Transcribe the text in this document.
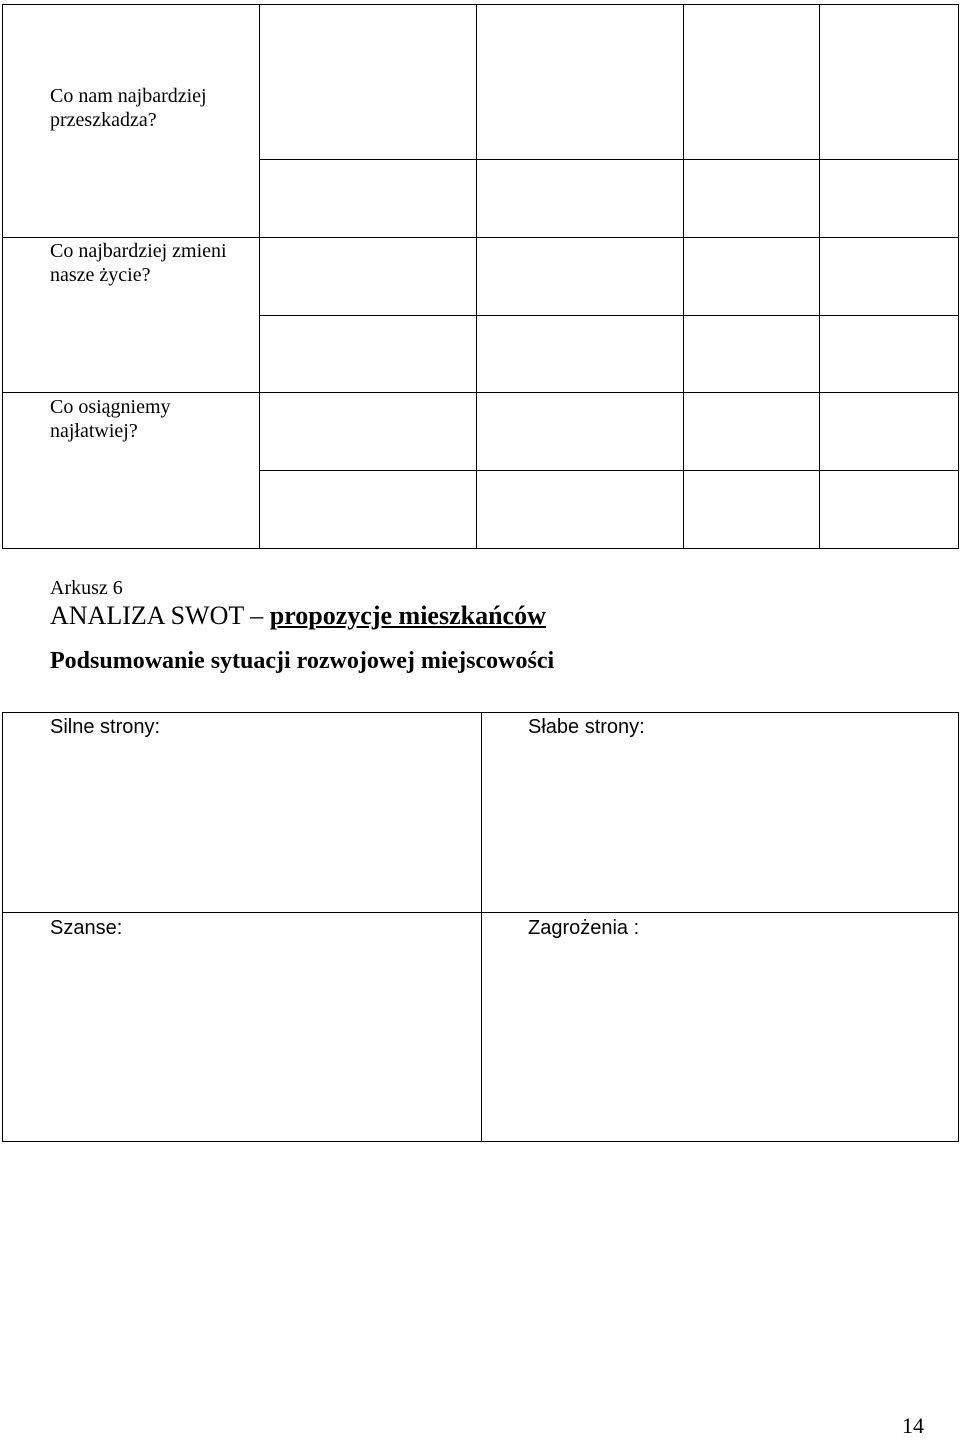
Co nam najbardziej przeszkadza?
Co najbardziej zmieni nasze życie?
Co osiągniemy najłatwiej?
Arkusz 6
ANALIZA SWOT – propozycje mieszkańców
Podsumowanie sytuacji rozwojowej miejscowości
Silne strony:	Słabe strony:
Szanse:	Zagrożenia :
14
